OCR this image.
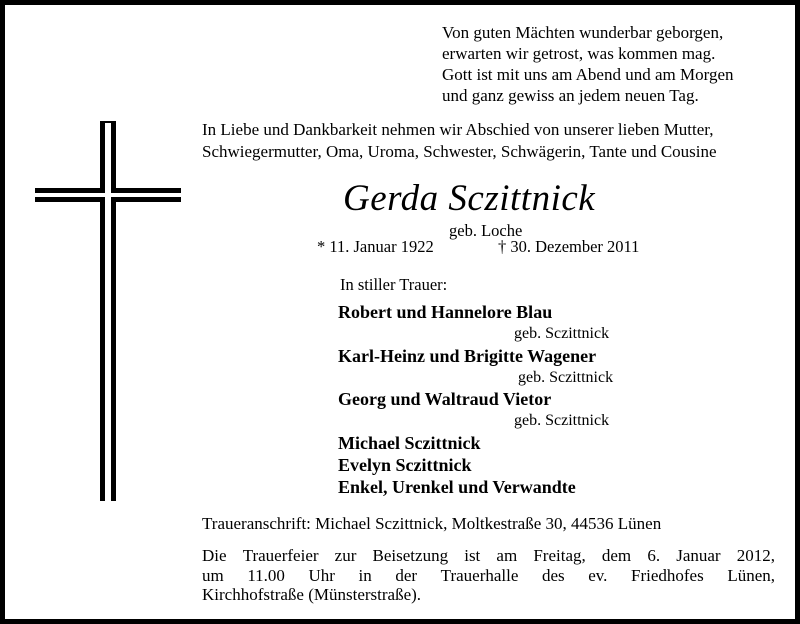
Von guten Mächten wunderbar geborgen,
erwarten wir getrost, was kommen mag.
Gott ist mit uns am Abend und am Morgen
und ganz gewiss an jedem neuen Tag.
In Liebe und Dankbarkeit nehmen wir Abschied von unserer lieben Mutter,
Schwiegermutter, Oma, Uroma, Schwester, Schwägerin, Tante und Cousine
Gerda Sczittnick
geb. Loche
* 11. Januar 1922	† 30. Dezember 2011
In stiller Trauer:
Robert und Hannelore Blau
geb. Sczittnick
Karl-Heinz und Brigitte Wagener
geb. Sczittnick
Georg und Waltraud Vietor
geb. Sczittnick
Michael Sczittnick
Evelyn Sczittnick
Enkel, Urenkel und Verwandte
Traueranschrift: Michael Sczittnick, Moltkestraße 30, 44536 Lünen
Die Trauerfeier zur Beisetzung ist am Freitag, dem 6. Januar 2012,
um 11.00 Uhr in der Trauerhalle des ev. Friedhofes Lünen,
Kirchhofstraße (Münsterstraße).
